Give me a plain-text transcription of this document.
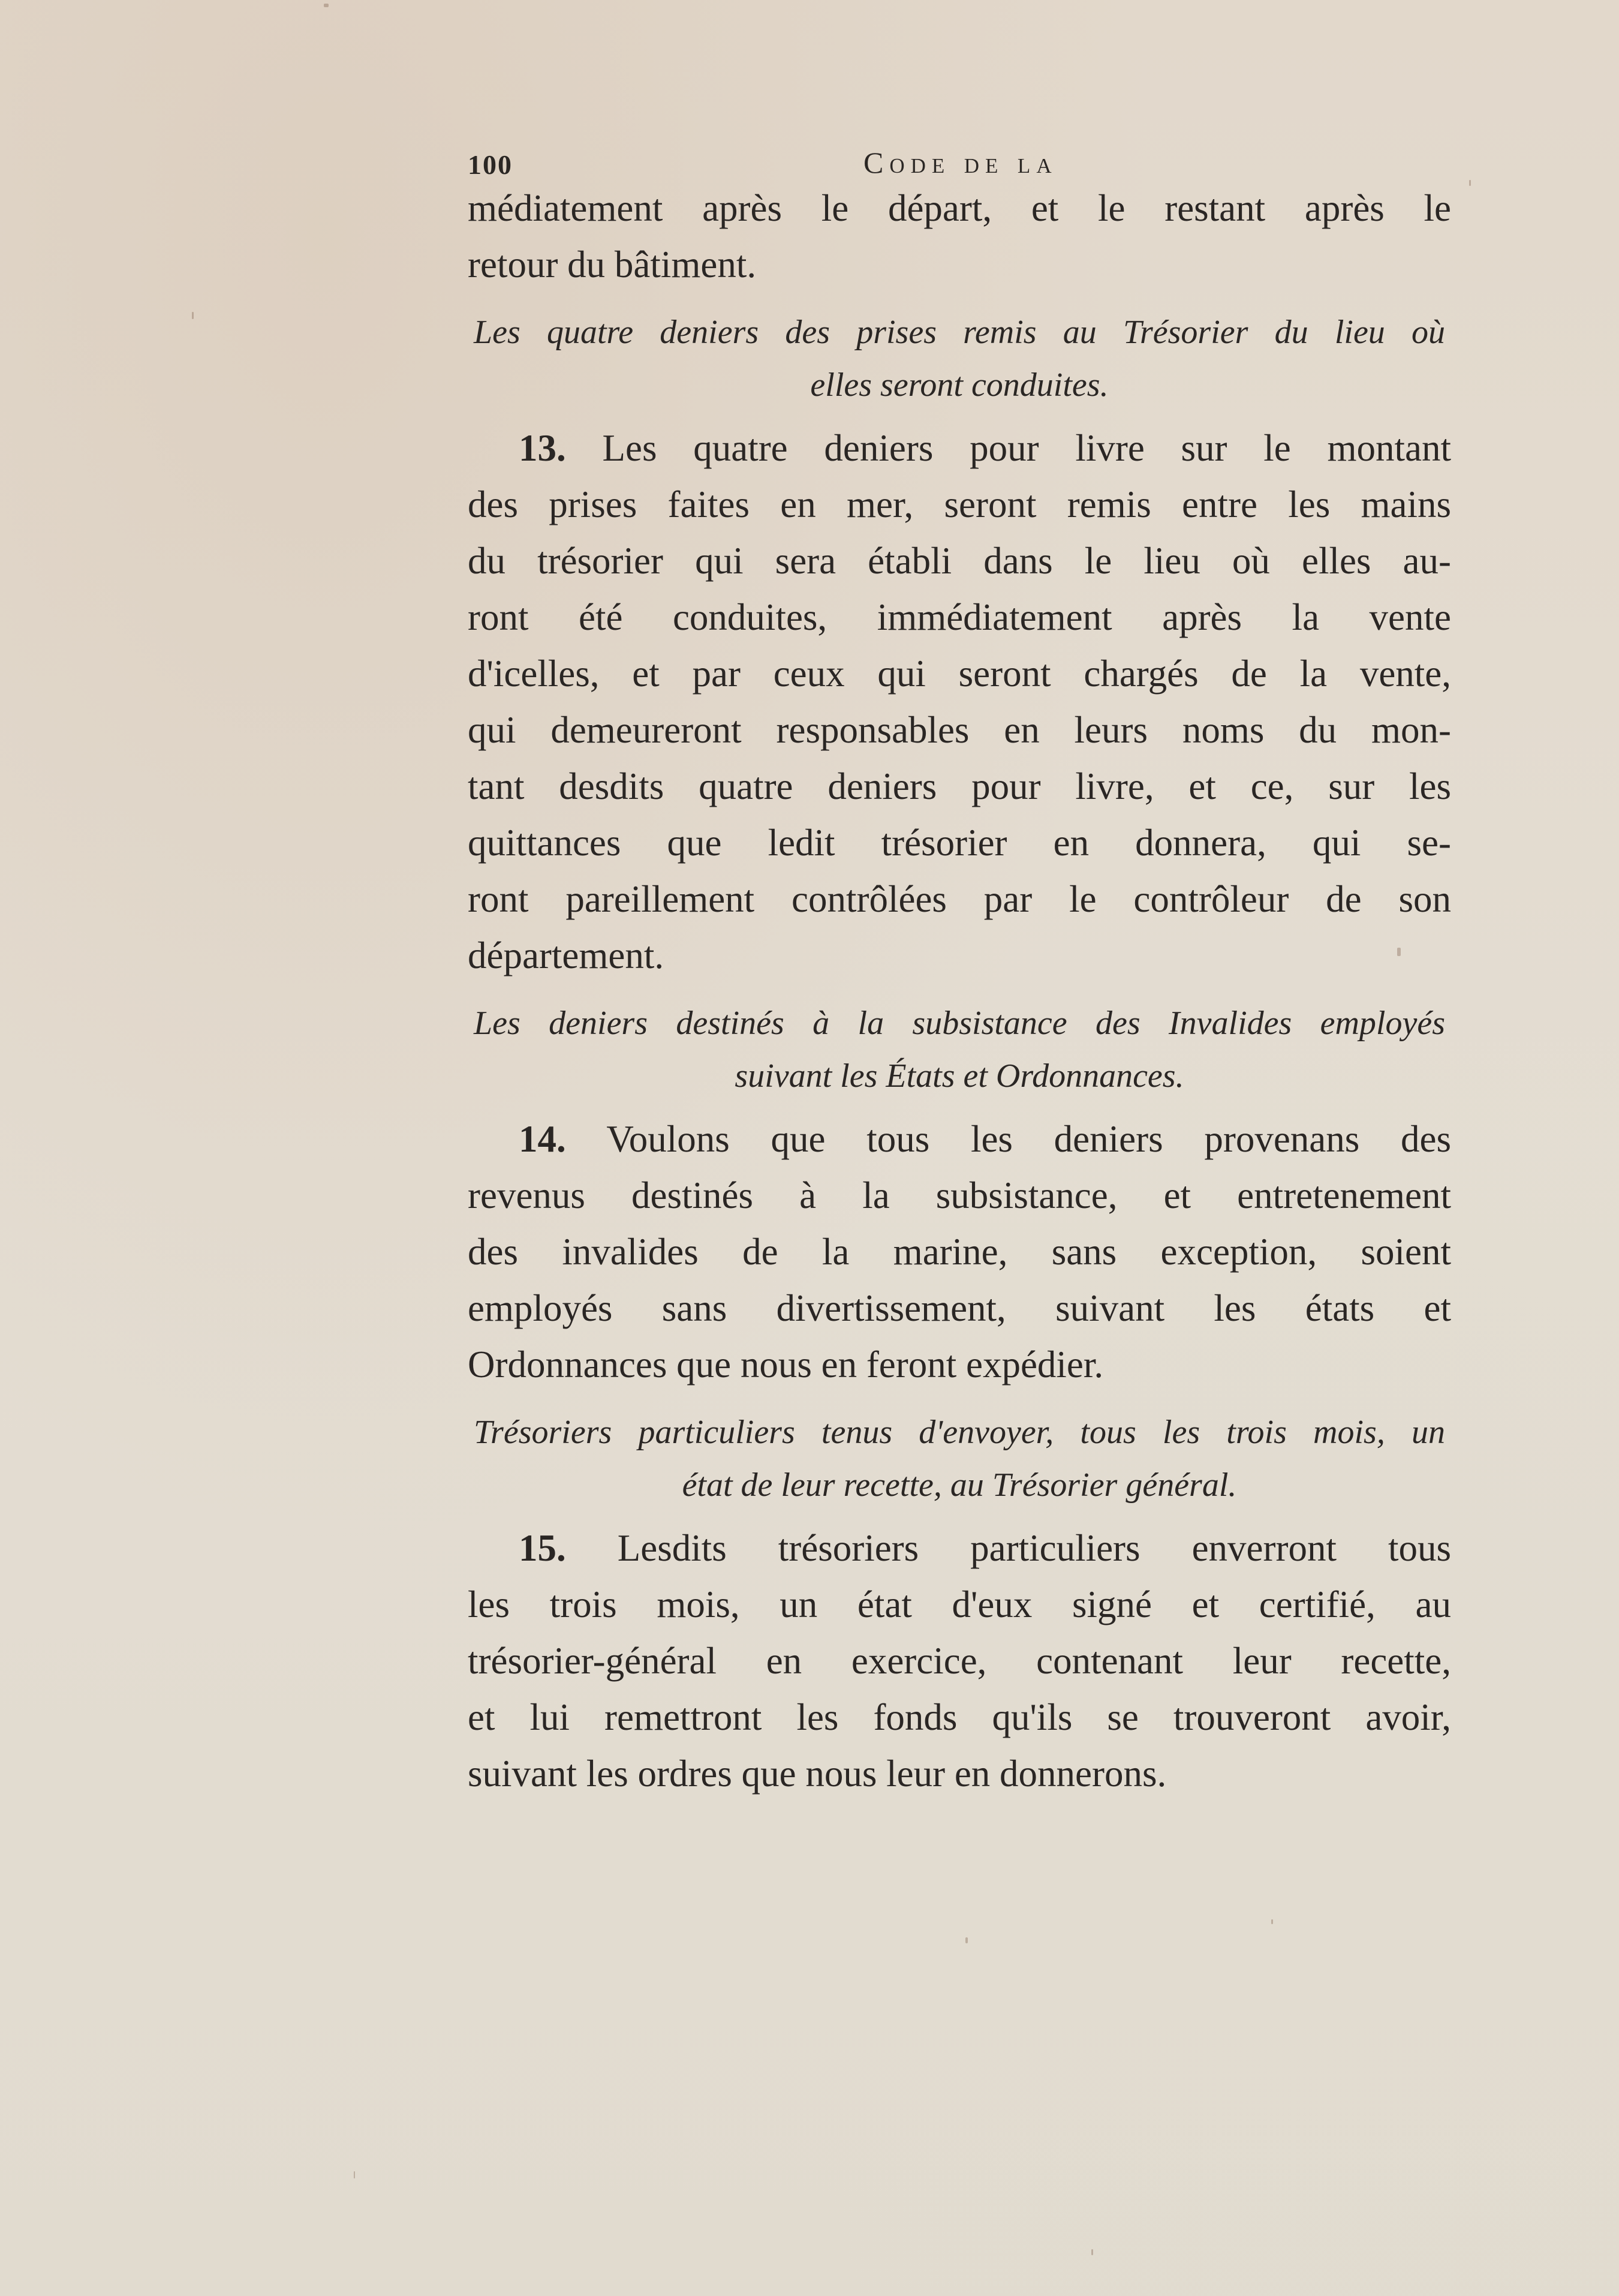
100	Code de la
médiatement après le départ, et le restant après le
retour du bâtiment.
Les quatre deniers des prises remis au Trésorier du lieu où
elles seront conduites.
13. Les quatre deniers pour livre sur le montant
des prises faites en mer, seront remis entre les mains
du trésorier qui sera établi dans le lieu où elles au-
ront été conduites, immédiatement après la vente
d'icelles, et par ceux qui seront chargés de la vente,
qui demeureront responsables en leurs noms du mon-
tant desdits quatre deniers pour livre, et ce, sur les
quittances que ledit trésorier en donnera, qui se-
ront pareillement contrôlées par le contrôleur de son
département.
Les deniers destinés à la subsistance des Invalides employés
suivant les États et Ordonnances.
14. Voulons que tous les deniers provenans des
revenus destinés à la subsistance, et entretenement
des invalides de la marine, sans exception, soient
employés sans divertissement, suivant les états et
Ordonnances que nous en feront expédier.
Trésoriers particuliers tenus d'envoyer, tous les trois mois, un
état de leur recette, au Trésorier général.
15. Lesdits trésoriers particuliers enverront tous
les trois mois, un état d'eux signé et certifié, au
trésorier-général en exercice, contenant leur recette,
et lui remettront les fonds qu'ils se trouveront avoir,
suivant les ordres que nous leur en donnerons.
